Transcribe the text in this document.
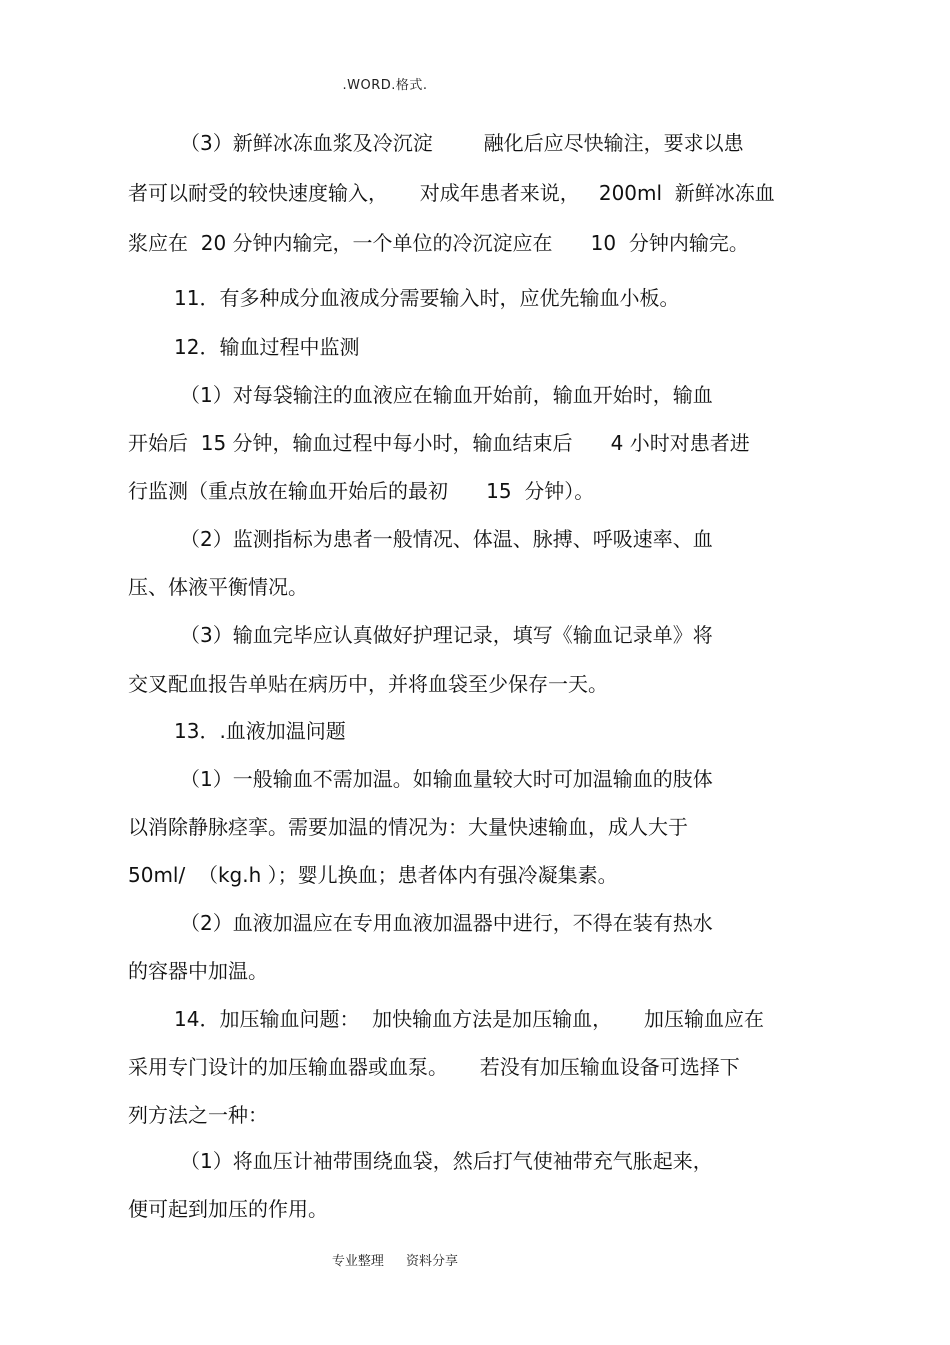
.WORD.格式.
（3）新鲜冰冻血浆及冷沉淀        融化后应尽快输注，要求以患
者可以耐受的较快速度输入，     对成年患者来说，   200ml  新鲜冰冻血
浆应在  20 分钟内输完，一个单位的冷沉淀应在      10  分钟内输完。
11．有多种成分血液成分需要输入时，应优先输血小板。
12．输血过程中监测
（1）对每袋输注的血液应在输血开始前，输血开始时，输血
开始后  15 分钟，输血过程中每小时，输血结束后      4 小时对患者进
行监测（重点放在输血开始后的最初      15  分钟）。
（2）监测指标为患者一般情况、体温、脉搏、呼吸速率、血
压、体液平衡情况。
（3）输血完毕应认真做好护理记录，填写《输血记录单》将
交叉配血报告单贴在病历中，并将血袋至少保存一天。
13．.血液加温问题
（1）一般输血不需加温。如输血量较大时可加温输血的肢体
以消除静脉痉挛。需要加温的情况为：大量快速输血，成人大于
50ml/  （kg.h ）；婴儿换血；患者体内有强冷凝集素。
（2）血液加温应在专用血液加温器中进行，不得在装有热水
的容器中加温。
14．加压输血问题：  加快输血方法是加压输血，     加压输血应在
采用专门设计的加压输血器或血泵。     若没有加压输血设备可选择下
列方法之一种：
（1）将血压计袖带围绕血袋，然后打气使袖带充气胀起来，
便可起到加压的作用。
专业整理 资料分享
